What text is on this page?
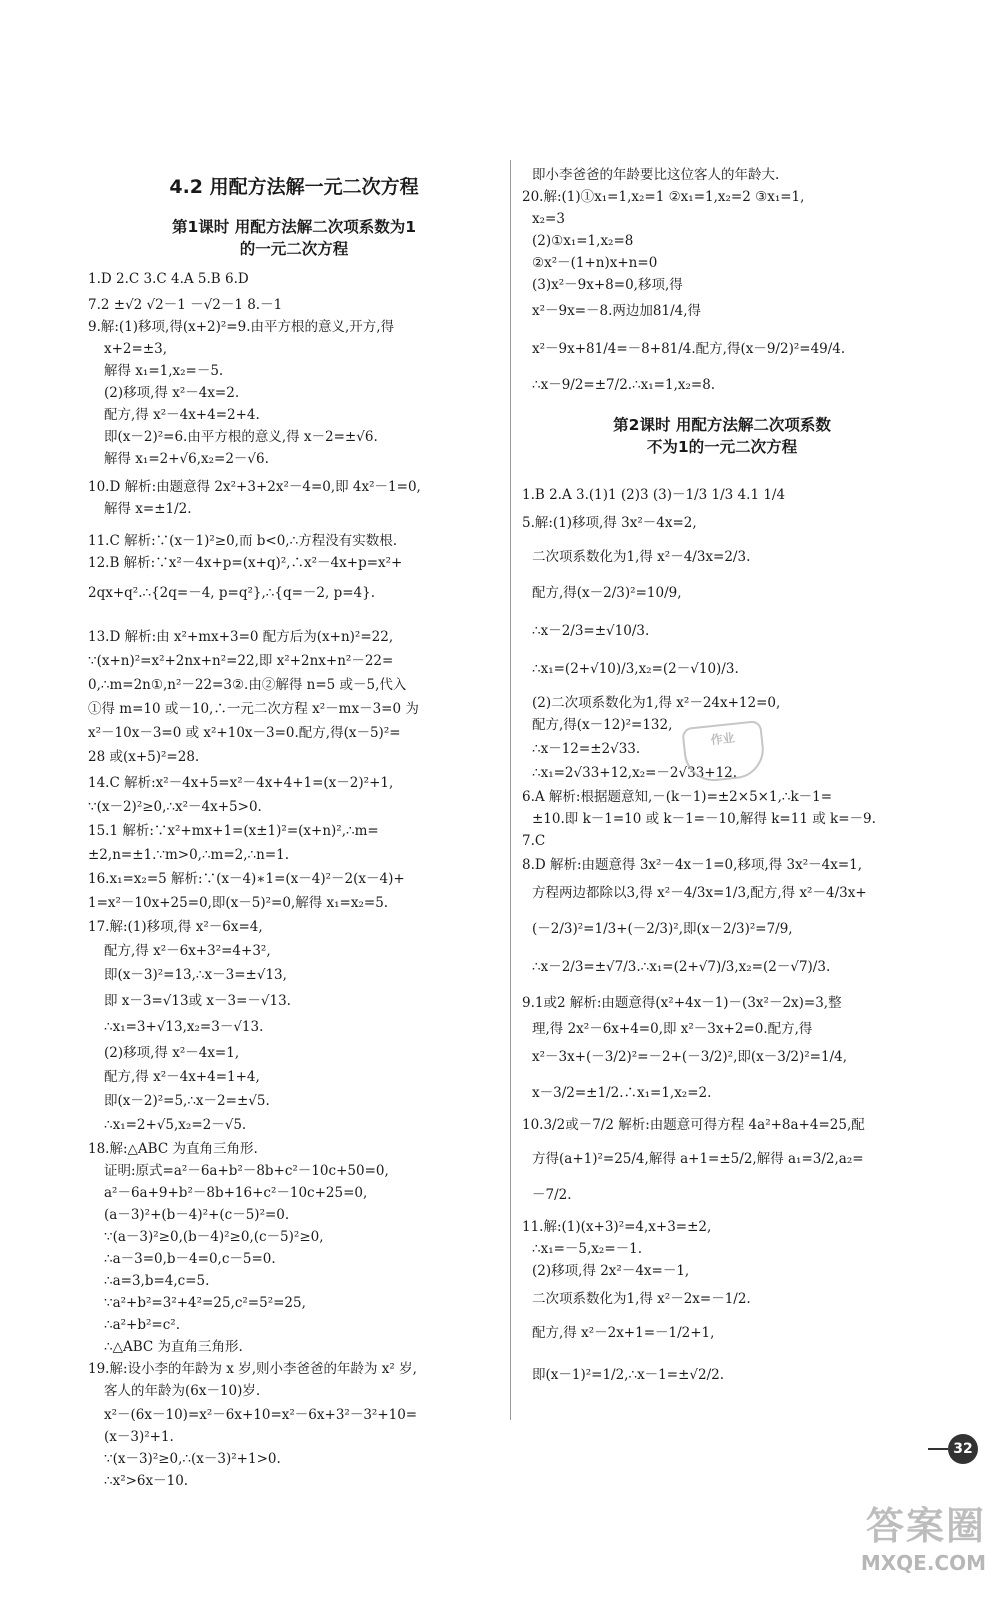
4.2 用配方法解一元二次方程
第1课时 用配方法解二次项系数为1
的一元二次方程
1.D 2.C 3.C 4.A 5.B 6.D
7.2 ±√2 √2－1 －√2－1 8.－1
9.解:(1)移项,得(x+2)²=9.由平方根的意义,开方,得
x+2=±3,
解得 x₁=1,x₂=－5.
(2)移项,得 x²－4x=2.
配方,得 x²－4x+4=2+4.
即(x－2)²=6.由平方根的意义,得 x－2=±√6.
解得 x₁=2+√6,x₂=2－√6.
10.D 解析:由题意得 2x²+3+2x²－4=0,即 4x²－1=0,
解得 x=±1/2.
11.C 解析:∵(x－1)²≥0,而 b<0,∴方程没有实数根.
12.B 解析:∵x²－4x+p=(x+q)²,∴x²－4x+p=x²+
2qx+q².∴{2q=－4, p=q²},∴{q=－2, p=4}.
13.D 解析:由 x²+mx+3=0 配方后为(x+n)²=22,
∵(x+n)²=x²+2nx+n²=22,即 x²+2nx+n²－22=
0,∴m=2n①,n²－22=3②.由②解得 n=5 或－5,代入
①得 m=10 或－10,∴一元二次方程 x²－mx－3=0 为
x²－10x－3=0 或 x²+10x－3=0.配方,得(x－5)²=
28 或(x+5)²=28.
14.C 解析:x²－4x+5=x²－4x+4+1=(x－2)²+1,
∵(x－2)²≥0,∴x²－4x+5>0.
15.1 解析:∵x²+mx+1=(x±1)²=(x+n)²,∴m=
±2,n=±1.∵m>0,∴m=2,∴n=1.
16.x₁=x₂=5 解析:∵(x－4)∗1=(x－4)²－2(x－4)+
1=x²－10x+25=0,即(x－5)²=0,解得 x₁=x₂=5.
17.解:(1)移项,得 x²－6x=4,
配方,得 x²－6x+3²=4+3²,
即(x－3)²=13,∴x－3=±√13,
即 x－3=√13或 x－3=－√13.
∴x₁=3+√13,x₂=3－√13.
(2)移项,得 x²－4x=1,
配方,得 x²－4x+4=1+4,
即(x－2)²=5,∴x－2=±√5.
∴x₁=2+√5,x₂=2－√5.
18.解:△ABC 为直角三角形.
证明:原式=a²－6a+b²－8b+c²－10c+50=0,
a²－6a+9+b²－8b+16+c²－10c+25=0,
(a－3)²+(b－4)²+(c－5)²=0.
∵(a－3)²≥0,(b－4)²≥0,(c－5)²≥0,
∴a－3=0,b－4=0,c－5=0.
∴a=3,b=4,c=5.
∵a²+b²=3²+4²=25,c²=5²=25,
∴a²+b²=c².
∴△ABC 为直角三角形.
19.解:设小李的年龄为 x 岁,则小李爸爸的年龄为 x² 岁,
客人的年龄为(6x－10)岁.
x²－(6x－10)=x²－6x+10=x²－6x+3²－3²+10=
(x－3)²+1.
∵(x－3)²≥0,∴(x－3)²+1>0.
∴x²>6x－10.
即小李爸爸的年龄要比这位客人的年龄大.
20.解:(1)①x₁=1,x₂=1 ②x₁=1,x₂=2 ③x₁=1,
x₂=3
(2)①x₁=1,x₂=8
②x²－(1+n)x+n=0
(3)x²－9x+8=0,移项,得
x²－9x=－8.两边加81/4,得
x²－9x+81/4=－8+81/4.配方,得(x－9/2)²=49/4.
∴x－9/2=±7/2.∴x₁=1,x₂=8.
第2课时 用配方法解二次项系数
不为1的一元二次方程
1.B 2.A 3.(1)1 (2)3 (3)－1/3 1/3 4.1 1/4
5.解:(1)移项,得 3x²－4x=2,
二次项系数化为1,得 x²－4/3x=2/3.
配方,得(x－2/3)²=10/9,
∴x－2/3=±√10/3.
∴x₁=(2+√10)/3,x₂=(2－√10)/3.
(2)二次项系数化为1,得 x²－24x+12=0,
配方,得(x－12)²=132,
∴x－12=±2√33.
∴x₁=2√33+12,x₂=－2√33+12.
6.A 解析:根据题意知,－(k－1)=±2×5×1,∴k－1=
±10.即 k－1=10 或 k－1=－10,解得 k=11 或 k=－9.
7.C
8.D 解析:由题意得 3x²－4x－1=0,移项,得 3x²－4x=1,
方程两边都除以3,得 x²－4/3x=1/3,配方,得 x²－4/3x+
(－2/3)²=1/3+(－2/3)²,即(x－2/3)²=7/9,
∴x－2/3=±√7/3.∴x₁=(2+√7)/3,x₂=(2－√7)/3.
9.1或2 解析:由题意得(x²+4x－1)－(3x²－2x)=3,整
理,得 2x²－6x+4=0,即 x²－3x+2=0.配方,得
x²－3x+(－3/2)²=－2+(－3/2)²,即(x－3/2)²=1/4,
x－3/2=±1/2.∴x₁=1,x₂=2.
10.3/2或－7/2 解析:由题意可得方程 4a²+8a+4=25,配
方得(a+1)²=25/4,解得 a+1=±5/2,解得 a₁=3/2,a₂=
－7/2.
11.解:(1)(x+3)²=4,x+3=±2,
∴x₁=－5,x₂=－1.
(2)移项,得 2x²－4x=－1,
二次项系数化为1,得 x²－2x=－1/2.
配方,得 x²－2x+1=－1/2+1,
即(x－1)²=1/2,∴x－1=±√2/2.
作业
32
答案圈
MXQE.COM
